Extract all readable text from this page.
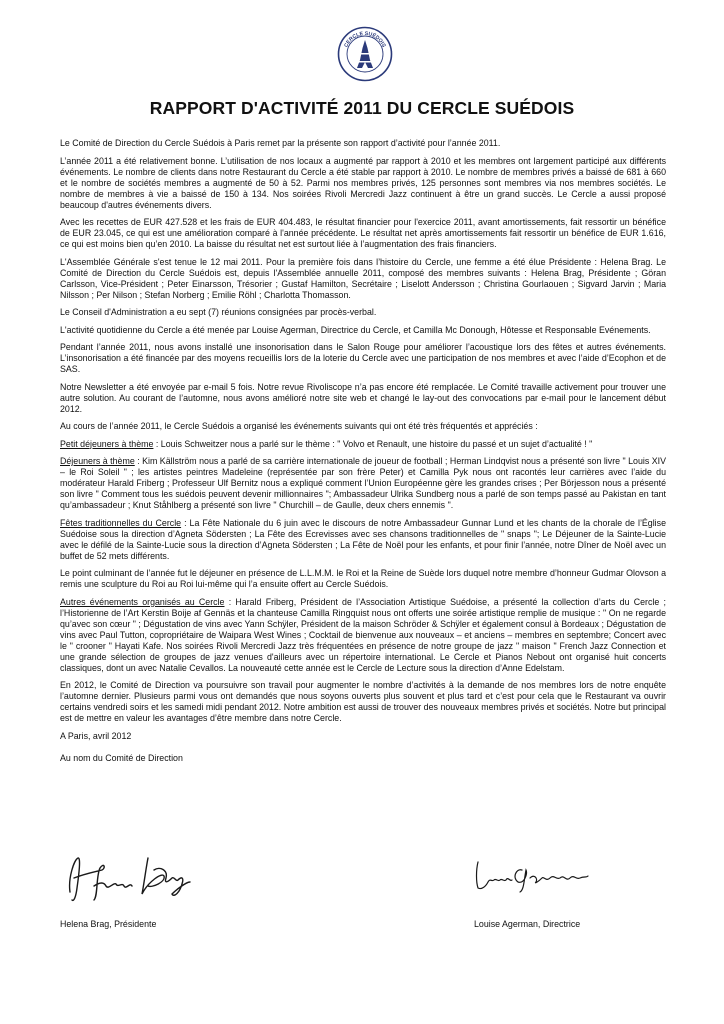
CERCLE SUÉDOIS
RAPPORT D'ACTIVITÉ 2011 DU CERCLE SUÉDOIS

Le Comité de Direction du Cercle Suédois à Paris remet par la présente son rapport d’activité pour l’année 2011.

L’année 2011 a été relativement bonne. L’utilisation de nos locaux a augmenté par rapport à 2010 et les membres ont largement participé aux différents événements. Le nombre de clients dans notre Restaurant du Cercle a été stable par rapport à 2010. Le nombre de membres privés a baissé de 681 à 660 et le nombre de sociétés membres a augmenté de 50 à 52. Parmi nos membres privés, 125 personnes sont membres via nos membres sociétés. Le nombre de membres à vie a baissé de 150 à 134. Nos soirées Rivoli Mercredi Jazz continuent à être un grand succès. Le Cercle a aussi proposé beaucoup d'autres événements divers.

Avec les recettes de EUR 427.528 et les frais de EUR 404.483, le résultat financier pour l'exercice 2011, avant amortissements, fait ressortir un bénéfice de EUR 23.045, ce qui est une amélioration comparé à l'année précédente. Le résultat net après amortissements fait ressortir un bénéfice de EUR 1.616, ce qui est moins bien qu’en 2010. La baisse du résultat net est surtout liée à l’augmentation des frais financiers.

L'Assemblée Générale s'est tenue le 12 mai 2011. Pour la première fois dans l’histoire du Cercle, une femme a été élue Présidente : Helena Brag. Le Comité de Direction du Cercle Suédois est, depuis l'Assemblée annuelle 2011, composé des membres suivants : Helena Brag, Présidente ; Göran Carlsson, Vice-Président ; Peter Einarsson, Trésorier ; Gustaf Hamilton, Secrétaire ; Liselott Andersson ; Christina Gourlaouen ; Sigvard Jarvin ; Maria Nilsson ; Per Nilson ; Stefan Norberg ; Emilie Röhl ; Charlotta Thomasson.

Le Conseil d'Administration a eu sept (7) réunions consignées par procès-verbal.

L'activité quotidienne du Cercle a été menée par Louise Agerman, Directrice du Cercle, et Camilla Mc Donough, Hôtesse et Responsable Evénements.

Pendant l’année 2011, nous avons installé une insonorisation dans le Salon Rouge pour améliorer l’acoustique lors des fêtes et autres événements. L’insonorisation a été financée par des moyens recueillis lors de la loterie du Cercle avec une participation de nos membres et avec l’aide d’Ecophon et de SAS.

Notre Newsletter a été envoyée par e-mail 5 fois. Notre revue Rivoliscope n’a pas encore été remplacée. Le Comité travaille activement pour trouver une autre solution. Au courant de l’automne, nous avons amélioré notre site web et changé le lay-out des convocations par e-mail pour le lancement début 2012.

Au cours de l’année 2011, le Cercle Suédois a organisé les événements suivants qui ont été très fréquentés et appréciés :

Petit déjeuners à thème : Louis Schweitzer nous a parlé sur le thème : " Volvo et Renault, une histoire du passé et un sujet d’actualité ! "

Déjeuners à thème : Kim Källström nous a parlé de sa carrière internationale de joueur de football ; Herman Lindqvist nous a présenté son livre " Louis XIV – le Roi Soleil " ; les artistes peintres Madeleine (représentée par son frère Peter) et Camilla Pyk nous ont racontés leur carrières avec l’aide du modérateur Harald Friberg ; Professeur Ulf Bernitz nous a expliqué comment l’Union Européenne gère les grandes crises ; Per Börjesson nous a présenté son livre " Comment tous les suédois peuvent devenir millionnaires "; Ambassadeur Ulrika Sundberg nous a parlé de son temps passé au Pakistan en tant qu’ambassadeur ; Knut Ståhlberg a présenté son livre " Churchill – de Gaulle, deux chers ennemis ".

Fêtes traditionnelles du Cercle : La Fête Nationale du 6 juin avec le discours de notre Ambassadeur Gunnar Lund et les chants de la chorale de l’Église Suédoise sous la direction d’Agneta Södersten ; La Fête des Ecrevisses avec ses chansons traditionnelles de " snaps "; Le Déjeuner de la Sainte-Lucie avec le défilé de la Sainte-Lucie sous la direction d’Agneta Södersten ; La Fête de Noël pour les enfants, et pour finir l’année, notre Dîner de Noël avec un buffet de 52 mets différents.

Le point culminant de l’année fut le déjeuner en présence de L.L.M.M. le Roi et la Reine de Suède lors duquel notre membre d’honneur Gudmar Olovson a remis une sculpture du Roi au Roi lui-même qui l’a ensuite offert au Cercle Suédois.

Autres événements organisés au Cercle : Harald Friberg, Président de l’Association Artistique Suédoise, a présenté la collection d’arts du Cercle ; l’Historienne de l’Art Kerstin Boije af Gennäs et la chanteuse Camilla Ringquist nous ont offerts une soirée artistique remplie de musique : " On ne regarde qu’avec son cœur " ; Dégustation de vins avec Yann Schÿler, Président de la maison Schröder & Schÿler et également consul à Bordeaux ; Dégustation de vins avec Paul Tutton, copropriétaire de Waipara West Wines ; Cocktail de bienvenue aux nouveaux – et anciens – membres en septembre; Concert avec le " crooner " Hayati Kafe. Nos soirées Rivoli Mercredi Jazz très fréquentées en présence de notre groupe de jazz " maison " French Jazz Connection et une grande sélection de groupes de jazz venues d'ailleurs avec un répertoire international. Le Cercle et Pianos Nebout ont organisé huit concerts classiques, dont un avec Natalie Cevallos. La nouveauté cette année est le Cercle de Lecture sous la direction d’Anne Edelstam.

En 2012, le Comité de Direction va poursuivre son travail pour augmenter le nombre d’activités à la demande de nos membres lors de notre enquête l’automne dernier. Plusieurs parmi vous ont demandés que nous soyons ouverts plus souvent et plus tard et c’est pour cela que le Restaurant va ouvrir certains vendredi soirs et les samedi midi pendant 2012. Notre ambition est aussi de trouver des nouveaux membres privés et sociétés. Notre but principal est de mettre en valeur les avantages d’être membre dans notre Cercle.

A Paris, avril 2012

Au nom du Comité de Direction

Helena Brag, Présidente	Louise Agerman, Directrice
